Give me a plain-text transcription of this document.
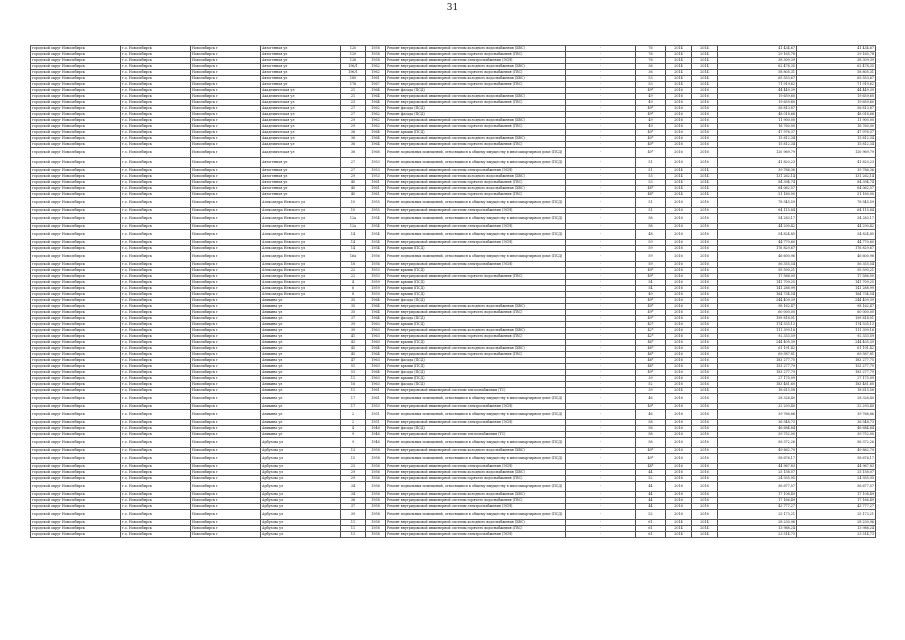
31
городской округ Новосибирск	г.о. Новосибирск	Новосибирск г	Автогенная ул	120	1958	Ремонт внутридомовой инженерной системы холодного водоснабжения (ХВС)	-	76	2014	2014	41 434,67	41 434,67
городской округ Новосибирск	г.о. Новосибирск	Новосибирск г	Автогенная ул	120	1958	Ремонт внутридомовой инженерной системы горячего водоснабжения (ГВС)	-	76	2014	2014	29 165,78	29 165,78
городской округ Новосибирск	г.о. Новосибирск	Новосибирск г	Автогенная ул	126	1958	Ремонт внутридомовой инженерной системы электроснабжения (ЭСН)	-	76	2014	2014	38 309,39	38 309,39
городской округ Новосибирск	г.о. Новосибирск	Новосибирск г	Автогенная ул	196/1	1962	Ремонт внутридомовой инженерной системы холодного водоснабжения (ХВС)	-	36	2014	2014	62 478,35	62 478,35
городской округ Новосибирск	г.о. Новосибирск	Новосибирск г	Автогенная ул	196/1	1962	Ремонт внутридомовой инженерной системы горячего водоснабжения (ГВС)	-	36	2014	2014	58 805,31	58 805,31
городской округ Новосибирск	г.о. Новосибирск	Новосибирск г	Автогенная ул	180	1961	Ремонт внутридомовой инженерной системы холодного водоснабжения (ХВС)	-	53	2014	2014	65 553,67	65 553,67
городской округ Новосибирск	г.о. Новосибирск	Новосибирск г	Автогенная ул	176	1967	Ремонт внутридомовой инженерной системы горячего водоснабжения (ГВС)	-	53	2014	2014	71 919,62	71 919,62
городской округ Новосибирск	г.о. Новосибирск	Новосибирск г	Академическая ул	21	1964	Ремонт фасада (ПСД)	-	49*	2016	2016	44 449,39	44 449,39
городской округ Новосибирск	г.о. Новосибирск	Новосибирск г	Академическая ул	21	1964	Ремонт внутридомовой инженерной системы холодного водоснабжения (ХВС)	-	49	2016	2016	19 659,60	19 659,60
городской округ Новосибирск	г.о. Новосибирск	Новосибирск г	Академическая ул	23	1964	Ремонт внутридомовой инженерной системы горячего водоснабжения (ГВС)	-	49	2016	2016	19 659,60	19 659,60
городской округ Новосибирск	г.о. Новосибирск	Новосибирск г	Академическая ул	27	1962	Ремонт фасада (ПСД)	-	49*	2016	2016	56 813,87	56 813,87
городской округ Новосибирск	г.о. Новосибирск	Новосибирск г	Академическая ул	27	1962	Ремонт фасада (ПСД)	-	49*	2016	2016	48 018,66	48 018,66
городской округ Новосибирск	г.о. Новосибирск	Новосибирск г	Академическая ул	29	1962	Ремонт внутридомовой инженерной системы холодного водоснабжения (ХВС)	-	49	2016	2016	11 900,00	11 900,00
городской округ Новосибирск	г.о. Новосибирск	Новосибирск г	Академическая ул	29	1962	Ремонт внутридомовой инженерной системы горячего водоснабжения (ГВС)	-	49	2016	2016	16 760,00	16 760,00
городской округ Новосибирск	г.о. Новосибирск	Новосибирск г	Академическая ул	36	1964	Ремонт крыши (ПСД)	-	40*	2016	2016	47 976,37	47 976,37
городской округ Новосибирск	г.о. Новосибирск	Новосибирск г	Академическая ул	36	1964	Ремонт внутридомовой инженерной системы холодного водоснабжения (ХВС)	-	40*	2016	2016	15 812,34	15 812,34
городской округ Новосибирск	г.о. Новосибирск	Новосибирск г	Академическая ул	36	1964	Ремонт внутридомовой инженерной системы горячего водоснабжения (ГВС)	-	40*	2016	2016	15 812,34	15 812,34
городской округ Новосибирск	г.о. Новосибирск	Новосибирск г	Академическая ул	38	1968	Ремонт подвальных помещений, относящихся к общему имуществу в многоквартирном доме (ПСД)	-	40*	2016	2016	120 969,79	120 969,79
городской округ Новосибирск	г.о. Новосибирск	Новосибирск г	Автогенная ул	27	1953	Ремонт подвальных помещений, относящихся к общему имуществу в многоквартирном доме (ПСД)	-	51	2016	2016	41 820,23	41 820,23
городской округ Новосибирск	г.о. Новосибирск	Новосибирск г	Автогенная ул	27	1953	Ремонт внутридомовой инженерной системы электроснабжения (ЭСН)	-	51	2014	2014	39 786,36	39 786,36
городской округ Новосибирск	г.о. Новосибирск	Новосибирск г	Автогенная ул	29	1953	Ремонт внутридомовой инженерной системы холодного водоснабжения (ХВС)	-	53	2014	2014	131 262,14	131 262,14
городской округ Новосибирск	г.о. Новосибирск	Новосибирск г	Автогенная ул	40	1961	Ремонт внутридомовой инженерной системы горячего водоснабжения (ГВС)	-	53	2014	2014	84 394,74	84 394,74
городской округ Новосибирск	г.о. Новосибирск	Новосибирск г	Автогенная ул	40	1961	Ремонт внутридомовой инженерной системы холодного водоснабжения (ХВС)	-	48*	2014	2014	64 062,57	64 062,57
городской округ Новосибирск	г.о. Новосибирск	Новосибирск г	Автогенная ул	40	1961	Ремонт внутридомовой инженерной системы горячего водоснабжения (ГВС)	-	48*	2014	2014	51 180,00	51 180,00
городской округ Новосибирск	г.о. Новосибирск	Новосибирск г	Александра Невского ул	10	1955	Ремонт подвальных помещений, относящихся к общему имуществу в многоквартирном доме (ПСД)	-	51	2016	2016	78 545,59	78 545,59
городской округ Новосибирск	г.о. Новосибирск	Новосибирск г	Александра Невского ул	10	1955	Ремонт внутридомовой инженерной системы электроснабжения (ЭСН)	-	51	2016	2016	64 115,84	64 115,84
городской округ Новосибирск	г.о. Новосибирск	Новосибирск г	Александра Невского ул	12а	1954	Ремонт подвальных помещений, относящихся к общему имуществу в многоквартирном доме (ПСД)	-	58	2016	2016	54 283,17	54 283,17
городской округ Новосибирск	г.о. Новосибирск	Новосибирск г	Александра Невского ул	12а	1954	Ремонт внутридомовой инженерной системы электроснабжения (ЭСН)	-	58	2016	2016	44 290,42	44 290,42
городской округ Новосибирск	г.о. Новосибирск	Новосибирск г	Александра Невского ул	14	1954	Ремонт подвальных помещений, относящихся к общему имуществу в многоквартирном доме (ПСД)	-	48	2016	2016	54 824,85	54 824,85
городской округ Новосибирск	г.о. Новосибирск	Новосибирск г	Александра Невского ул	14	1954	Ремонт внутридомовой инженерной системы электроснабжения (ЭСН)	-	59	2016	2016	44 770,60	44 770,60
городской округ Новосибирск	г.о. Новосибирск	Новосибирск г	Александра Невского ул	14	1954	Ремонт крыши (ПСД)	-	59	2016	2016	176 829,67	176 829,67
городской округ Новосибирск	г.о. Новосибирск	Новосибирск г	Александра Невского ул	16а	1956	Ремонт подвальных помещений, относящихся к общему имуществу в многоквартирном доме (ПСД)	-	59	2016	2016	46 600,96	46 600,96
городской округ Новосибирск	г.о. Новосибирск	Новосибирск г	Александра Невского ул	18	1956	Ремонт внутридомовой инженерной системы электроснабжения (ЭСН)	-	59	2016	2016	56 355,54	56 355,54
городской округ Новосибирск	г.о. Новосибирск	Новосибирск г	Александра Невского ул	22	1953	Ремонт крыши (ПСД)	-	49*	2016	2016	95 590,21	95 590,21
городской округ Новосибирск	г.о. Новосибирск	Новосибирск г	Александра Невского ул	22	1953	Ремонт внутридомовой инженерной системы горячего водоснабжения (ГВС)	-	49*	2016	2016	17 586,00	17 586,00
городской округ Новосибирск	г.о. Новосибирск	Новосибирск г	Александра Невского ул	4	1959	Ремонт крыши (ПСД)	-	54	2016	2016	141 709,25	141 709,25
городской округ Новосибирск	г.о. Новосибирск	Новосибирск г	Александра Невского ул	6	1959	Ремонт крыши (ПСД)	-	54	2016	2016	141 288,99	141 288,99
городской округ Новосибирск	г.о. Новосибирск	Новосибирск г	Александра Невского ул	8	1959	Ремонт крыши (ПСД)	-	49	2016	2016	164 734,54	164 734,54
городской округ Новосибирск	г.о. Новосибирск	Новосибирск г	Аникина ул	35	1964	Ремонт фасада (ПСД)	-	49*	2016	2016	244 409,39	244 409,39
городской округ Новосибирск	г.о. Новосибирск	Новосибирск г	Аникина ул	35	1964	Ремонт внутридомовой инженерной системы холодного водоснабжения (ХВС)	-	49*	2016	2016	98 162,47	98 162,47
городской округ Новосибирск	г.о. Новосибирск	Новосибирск г	Аникина ул	35	1964	Ремонт внутридомовой инженерной системы горячего водоснабжения (ГВС)	-	49*	2016	2016	60 000,00	60 000,00
городской округ Новосибирск	г.о. Новосибирск	Новосибирск г	Аникина ул	37	1964	Ремонт фасада (ПСД)	-	49*	2016	2016	199 818,01	199 818,01
городской округ Новосибирск	г.о. Новосибирск	Новосибирск г	Аникина ул	39	1963	Ремонт крыши (ПСД)	-	42*	2016	2016	174 535,13	174 535,13
городской округ Новосибирск	г.о. Новосибирск	Новосибирск г	Аникина ул	39	1963	Ремонт внутридомовой инженерной системы холодного водоснабжения (ХВС)	-	42*	2016	2016	111 399,16	111 399,16
городской округ Новосибирск	г.о. Новосибирск	Новосибирск г	Аникина ул	41	1963	Ремонт внутридомовой инженерной системы горячего водоснабжения (ГВС)	-	42*	2016	2016	92 333,59	92 333,59
городской округ Новосибирск	г.о. Новосибирск	Новосибирск г	Аникина ул	43	1960	Ремонт крыши (ПСД)	-	46*	2016	2016	244 405,39	244 405,39
городской округ Новосибирск	г.о. Новосибирск	Новосибирск г	Аникина ул	45	1964	Ремонт внутридомовой инженерной системы холодного водоснабжения (ХВС)	-	46*	2016	2016	61 191,42	61 191,42
городской округ Новосибирск	г.о. Новосибирск	Новосибирск г	Аникина ул	45	1964	Ремонт внутридомовой инженерной системы горячего водоснабжения (ГВС)	-	46*	2016	2016	69 587,81	69 587,81
городской округ Новосибирск	г.о. Новосибирск	Новосибирск г	Аникина ул	47	1963	Ремонт фасада (ПСД)	-	46*	2016	2016	183 277,75	183 277,75
городской округ Новосибирск	г.о. Новосибирск	Новосибирск г	Аникина ул	51	1963	Ремонт крыши (ПСД)	-	46*	2016	2016	153 277,79	153 277,79
городской округ Новосибирск	г.о. Новосибирск	Новосибирск г	Аникина ул	53	1964	Ремонт фасада (ПСД)	-	49*	2016	2016	183 277,79	183 277,79
городской округ Новосибирск	г.о. Новосибирск	Новосибирск г	Аникина ул	11	1963	Ремонт крыши (ПСД)	-	39	2016	2016	27 175,09	27 175,09
городской округ Новосибирск	г.о. Новосибирск	Новосибирск г	Аникина ул	16	1963	Ремонт фасада (ПСД)	-	52	2016	2016	183 481,60	183 481,60
городской округ Новосибирск	г.о. Новосибирск	Новосибирск г	Аникина ул	11	1961	Ремонт внутридомовой инженерной системы теплоснабжения (ТС)	-	39	2014	2014	18 615,58	18 615,58
городской округ Новосибирск	г.о. Новосибирск	Новосибирск г	Аникина ул	17	1961	Ремонт подвальных помещений, относящихся к общему имуществу в многоквартирном доме (ПСД)	-	46	2016	2016	28 326,40	28 326,40
городской округ Новосибирск	г.о. Новосибирск	Новосибирск г	Аникина ул	17	1953	Ремонт внутридомовой инженерной системы электроснабжения (ЭСН)	-	49*	2016	2016	32 293,40	32 293,40
городской округ Новосибирск	г.о. Новосибирск	Новосибирск г	Аникина ул	2	1951	Ремонт подвальных помещений, относящихся к общему имуществу в многоквартирном доме (ПСД)	-	46	2016	2016	39 766,86	39 766,86
городской округ Новосибирск	г.о. Новосибирск	Новосибирск г	Аникина ул	2	1951	Ремонт внутридомовой инженерной системы электроснабжения (ЭСН)	-	58	2016	2016	36 548,73	36 548,73
городской округ Новосибирск	г.о. Новосибирск	Новосибирск г	Аникина ул	4	1946	Ремонт фасада (ПСД)	-	56	2016	2016	46 684,84	46 684,84
городской округ Новосибирск	г.о. Новосибирск	Новосибирск г	Аникина ул	9	1946	Ремонт внутридомовой инженерной системы теплоснабжения (ТС)	-	58	2016	2016	39 752,00	39 752,00
городской округ Новосибирск	г.о. Новосибирск	Новосибирск г	Арбузова ул	9	1946	Ремонт подвальных помещений, относящихся к общему имуществу в многоквартирном доме (ПСД)	-	58	2016	2016	56 372,26	56 372,26
городской округ Новосибирск	г.о. Новосибирск	Новосибирск г	Арбузова ул	13	1958	Ремонт внутридомовой инженерной системы холодного водоснабжения (ХВС)	-	49*	2016	2016	49 862,79	49 862,79
городской округ Новосибирск	г.о. Новосибирск	Новосибирск г	Арбузова ул	15	1958	Ремонт подвальных помещений, относящихся к общему имуществу в многоквартирном доме (ПСД)	-	49*	2016	2016	58 676,17	58 676,17
городской округ Новосибирск	г.о. Новосибирск	Новосибирск г	Арбузова ул	23	1958	Ремонт внутридомовой инженерной системы электроснабжения (ЭСН)	-	48*	2016	2016	44 967,83	44 967,83
городской округ Новосибирск	г.о. Новосибирск	Новосибирск г	Арбузова ул	29	1956	Ремонт внутридомовой инженерной системы холодного водоснабжения (ХВС)	-	44	2016	2016	25 158,07	25 158,07
городской округ Новосибирск	г.о. Новосибирск	Новосибирск г	Арбузова ул	29	1956	Ремонт внутридомовой инженерной системы горячего водоснабжения (ГВС)	-	52	2016	2016	24 935,95	24 935,95
городской округ Новосибирск	г.о. Новосибирск	Новосибирск г	Арбузова ул	34	1956	Ремонт подвальных помещений, относящихся к общему имуществу в многоквартирном доме (ПСД)	-	44	2016	2016	56 677,57	56 677,57
городской округ Новосибирск	г.о. Новосибирск	Новосибирск г	Арбузова ул	34	1956	Ремонт внутридомовой инженерной системы холодного водоснабжения (ХВС)	-	44	2016	2016	17 108,49	17 108,49
городской округ Новосибирск	г.о. Новосибирск	Новосибирск г	Арбузова ул	36	1958	Ремонт внутридомовой инженерной системы горячего водоснабжения (ГВС)	-	44	2016	2016	17 166,49	17 166,49
городской округ Новосибирск	г.о. Новосибирск	Новосибирск г	Арбузова ул	37	1958	Ремонт внутридомовой инженерной системы электроснабжения (ЭСН)	-	44	2016	2016	43 777,27	43 777,27
городской округ Новосибирск	г.о. Новосибирск	Новосибирск г	Арбузова ул	39	1958	Ремонт подвальных помещений, относящихся к общему имуществу в многоквартирном доме (ПСД)	-	52	2016	2016	25 173,21	25 173,21
городской округ Новосибирск	г.о. Новосибирск	Новосибирск г	Арбузова ул	11	1958	Ремонт внутридомовой инженерной системы холодного водоснабжения (ХВС)	-	61	2014	2014	28 230,96	28 230,96
городской округ Новосибирск	г.о. Новосибирск	Новосибирск г	Арбузова ул	11	1958	Ремонт внутридомовой инженерной системы горячего водоснабжения (ГВС)	-	61	2014	2014	13 988,24	13 988,24
городской округ Новосибирск	г.о. Новосибирск	Новосибирск г	Арбузова ул	13	1958	Ремонт внутридомовой инженерной системы электроснабжения (ЭСН)	-	61	2014	2014	23 514,73	23 514,73
